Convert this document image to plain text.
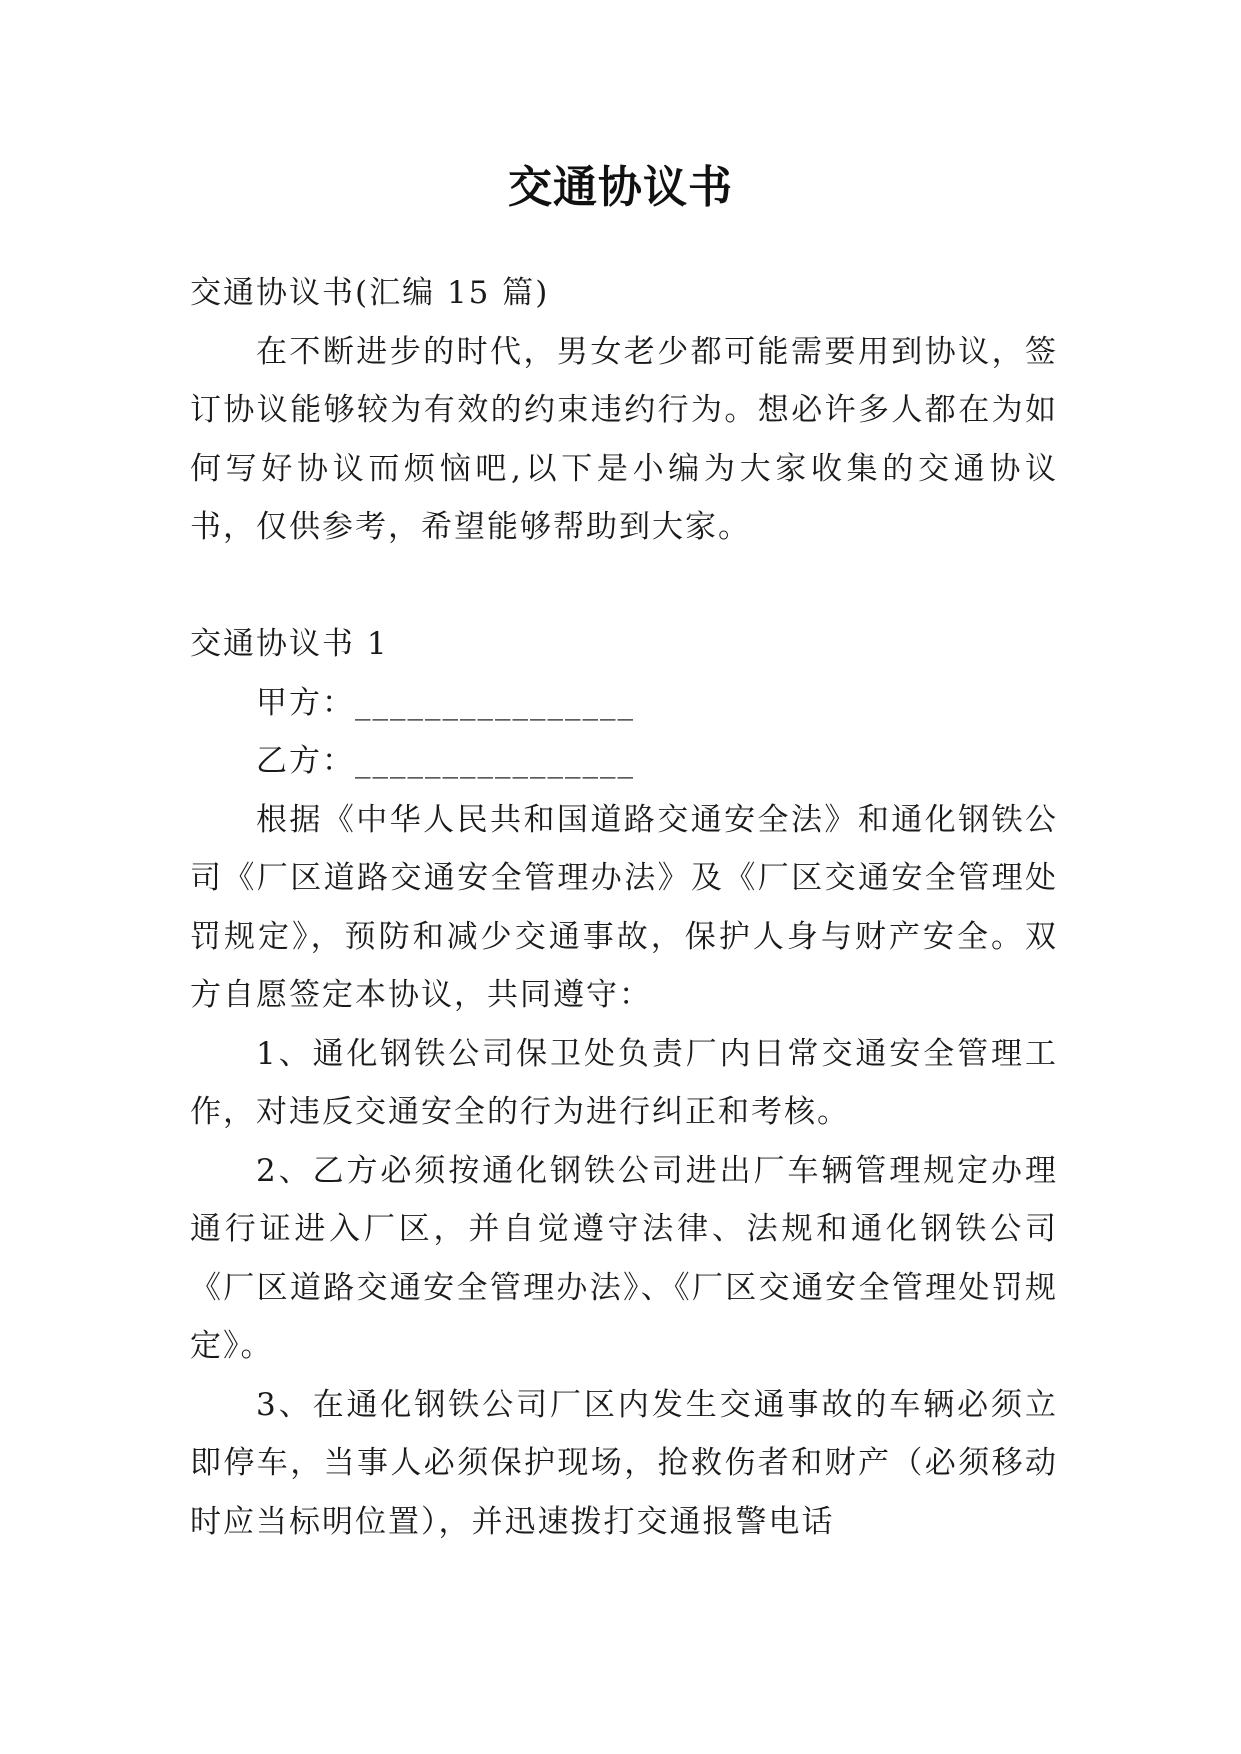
交通协议书

交通协议书(汇编 15 篇)

在不断进步的时代，男女老少都可能需要用到协议，签订协议能够较为有效的约束违约行为。想必许多人都在为如何写好协议而烦恼吧,以下是小编为大家收集的交通协议书，仅供参考，希望能够帮助到大家。

交通协议书 1

甲方：________________

乙方：________________

根据《中华人民共和国道路交通安全法》和通化钢铁公司《厂区道路交通安全管理办法》及《厂区交通安全管理处罚规定》，预防和减少交通事故，保护人身与财产安全。双方自愿签定本协议，共同遵守：

1、通化钢铁公司保卫处负责厂内日常交通安全管理工作，对违反交通安全的行为进行纠正和考核。

2、乙方必须按通化钢铁公司进出厂车辆管理规定办理通行证进入厂区，并自觉遵守法律、法规和通化钢铁公司《厂区道路交通安全管理办法》、《厂区交通安全管理处罚规定》。

3、在通化钢铁公司厂区内发生交通事故的车辆必须立即停车，当事人必须保护现场，抢救伤者和财产（必须移动时应当标明位置），并迅速拨打交通报警电话
